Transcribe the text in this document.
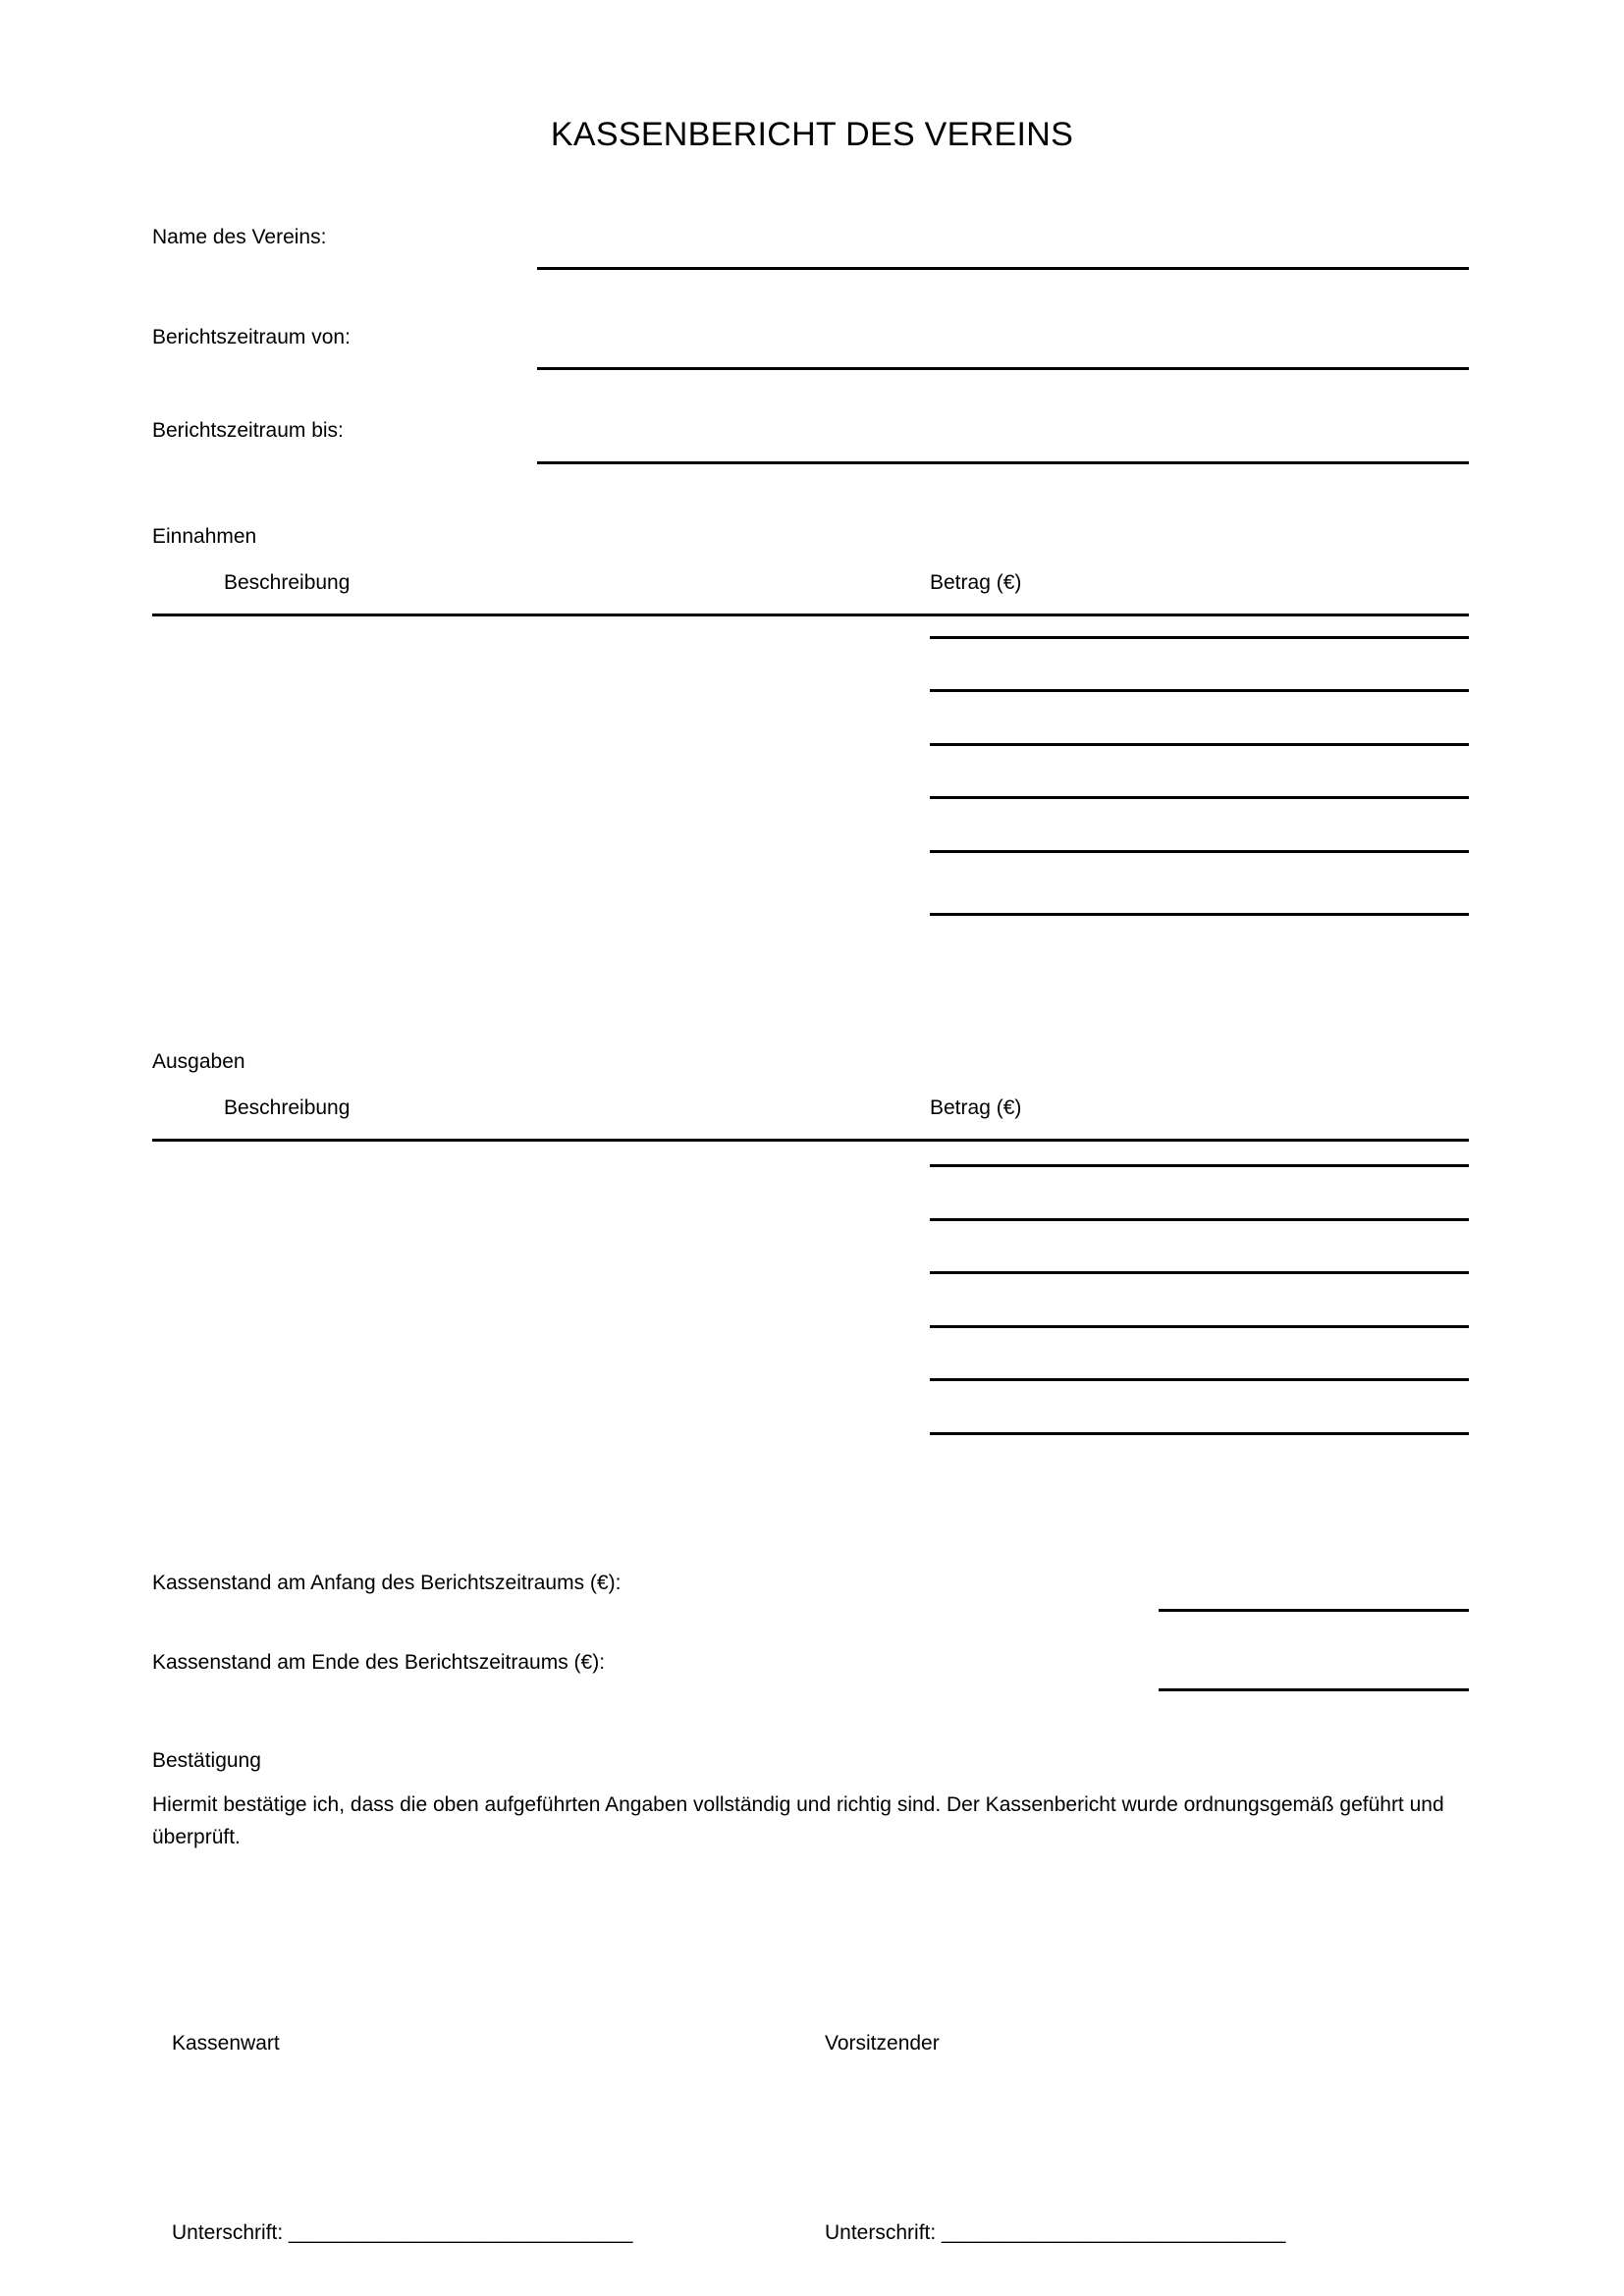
KASSENBERICHT DES VEREINS
Name des Vereins:
Berichtszeitraum von:
Berichtszeitraum bis:
Einnahmen
Beschreibung	Betrag (€)
Ausgaben
Beschreibung	Betrag (€)
Kassenstand am Anfang des Berichtszeitraums (€):
Kassenstand am Ende des Berichtszeitraums (€):
Bestätigung
Hiermit bestätige ich, dass die oben aufgeführten Angaben vollständig und richtig sind. Der Kassenbericht wurde ordnungsgemäß geführt und überprüft.
Kassenwart	Vorsitzender
Unterschrift: ______________________________	Unterschrift: ______________________________
